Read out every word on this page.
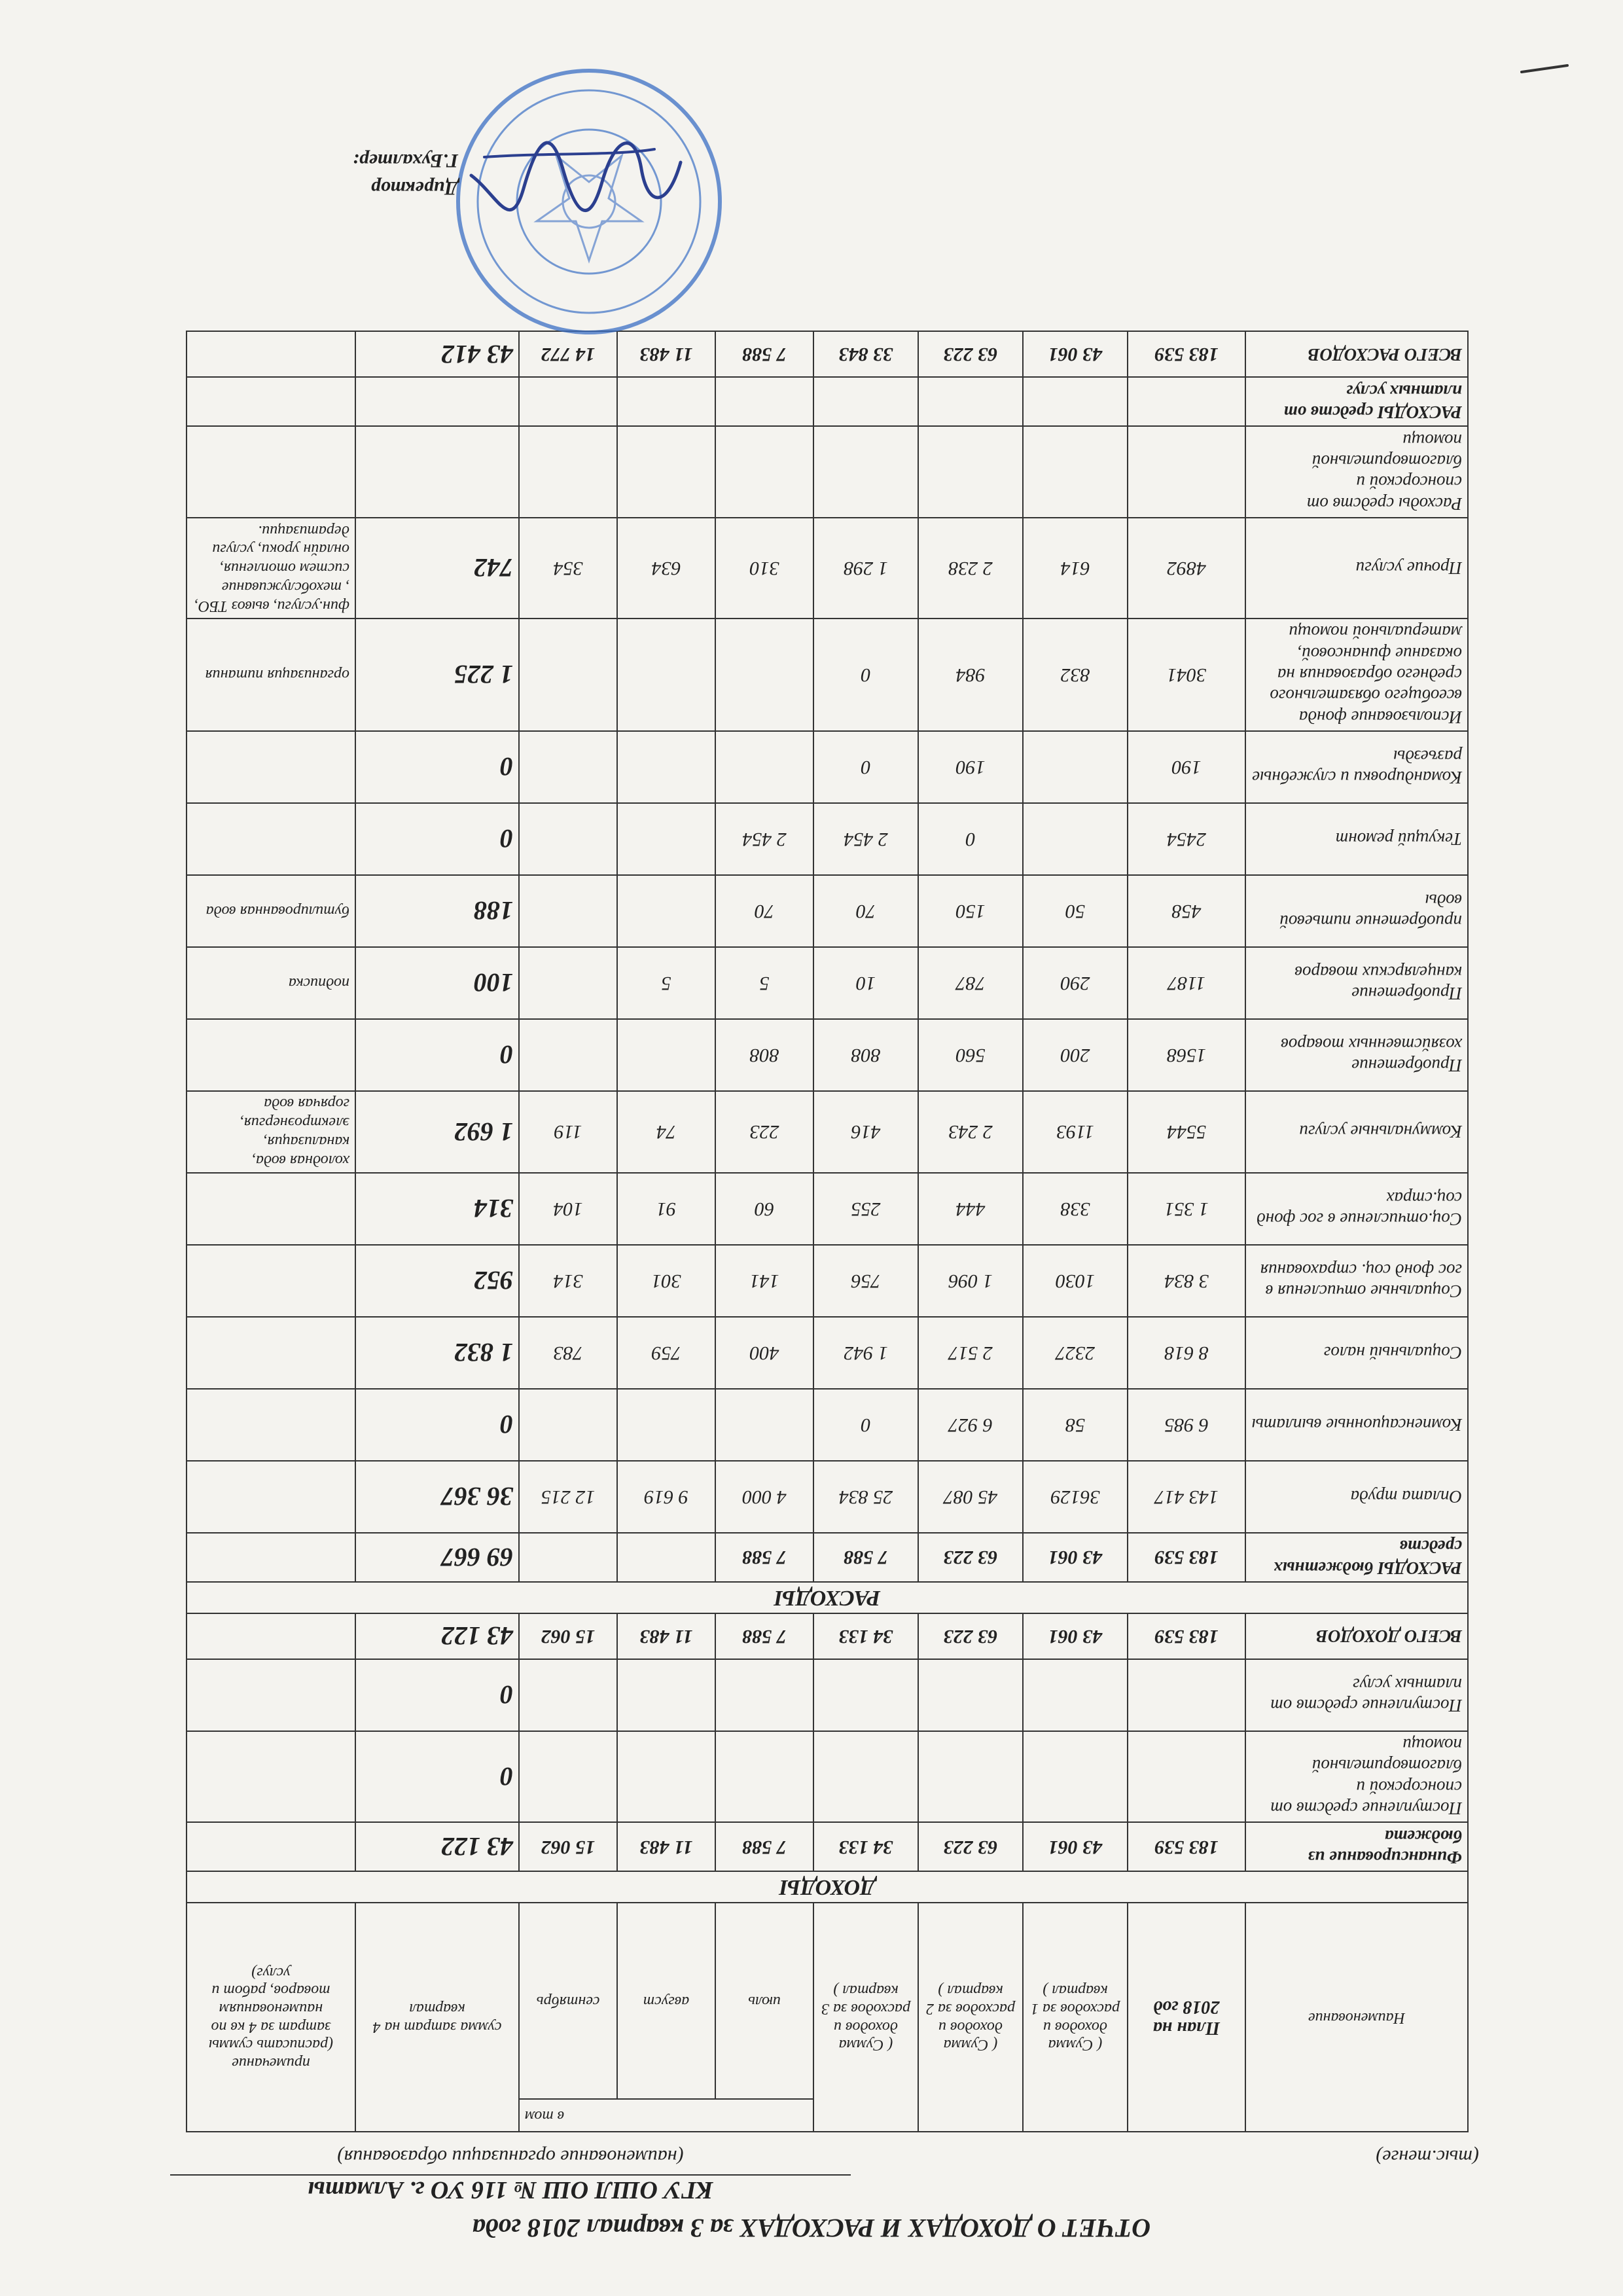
ОТЧЕТ О ДОХОДАХ И РАСХОДАХ за 3 квартал 2018 года
КГУ ОШЛ ОШ № 116 УО г. Алматы
(наименование организации образования)	(тыс.тенге)
Наименование	План на 2018 год	( Сумма доходов и расходов за 1 квартал )	( Сумма доходов и расходов за 2 квартал )	( Сумма доходов и расходов за 3 квартал )	в том			сумма затрат на 4 квартал	примечание (расписать суммы затрат за 4 кв по наименованиям товаров, работ и услуг)
					июль	август	сентябрь		
ДОХОДЫ									
Финансирование из бюджета	183 539	43 061	63 223	34 133	7 588	11 483	15 062	43 122	
Поступление средств от спонсорской и благотворительной помощи								0	
Поступление средств от платных услуг								0	
ВСЕГО ДОХОДОВ	183 539	43 061	63 223	34 133	7 588	11 483	15 062	43 122	
РАСХОДЫ									
РАСХОДЫ бюджетных средств	183 539	43 061	63 223	7 588	7 588			69 667	
Оплата труда	143 417	36129	45 087	25 834	4 000	9 619	12 215	36 367	
Компенсационные выплаты	6 985	58	6 927	0				0	
Социальный налог	8 618	2327	2 517	1 942	400	759	783	1 832	
Социальные отчисления в гос фонд соц. страхования	3 834	1030	1 096	756	141	301	314	952	
Соц.отчисление в гос фонд соц.страх	1 351	338	444	255	60	91	104	314	
Коммунальные услуги	5544	1193	2 243	416	223	74	119	1 692	холодная вода, канализация, электроэнергия, горячая вода
Приобретение хозяйственных товаров	1568	200	560	808	808			0	
Приобретение канцелярских товаров	1187	290	787	10	5	5		100	подписка
приобретение питьевой воды	458	50	150	70	70			188	бутилированная вода
Текущий ремонт	2454		0	2 454	2 454			0	
Командировки и служебные разъезды	190		190	0				0	
Использование фонда всеобщего обязательного среднего образования на оказание финансовой, материальной помощи	3041	832	984	0				1 225	организация питания
Прочие услуги	4892	614	2 238	1 298	310	634	354	742	фин.услуги, вывоз ТБО, , техобслуживание систем отопления, онлайн уроки, услуги дератизации.
Расходы средств от спонсорской и благотворительной помощи									
РАСХОДЫ средств от платных услуг									
ВСЕГО РАСХОДОВ	183 539	43 061	63 223	33 843	7 588	11 483	14 772	43 412	
Директор
Г.Бухалтер:
